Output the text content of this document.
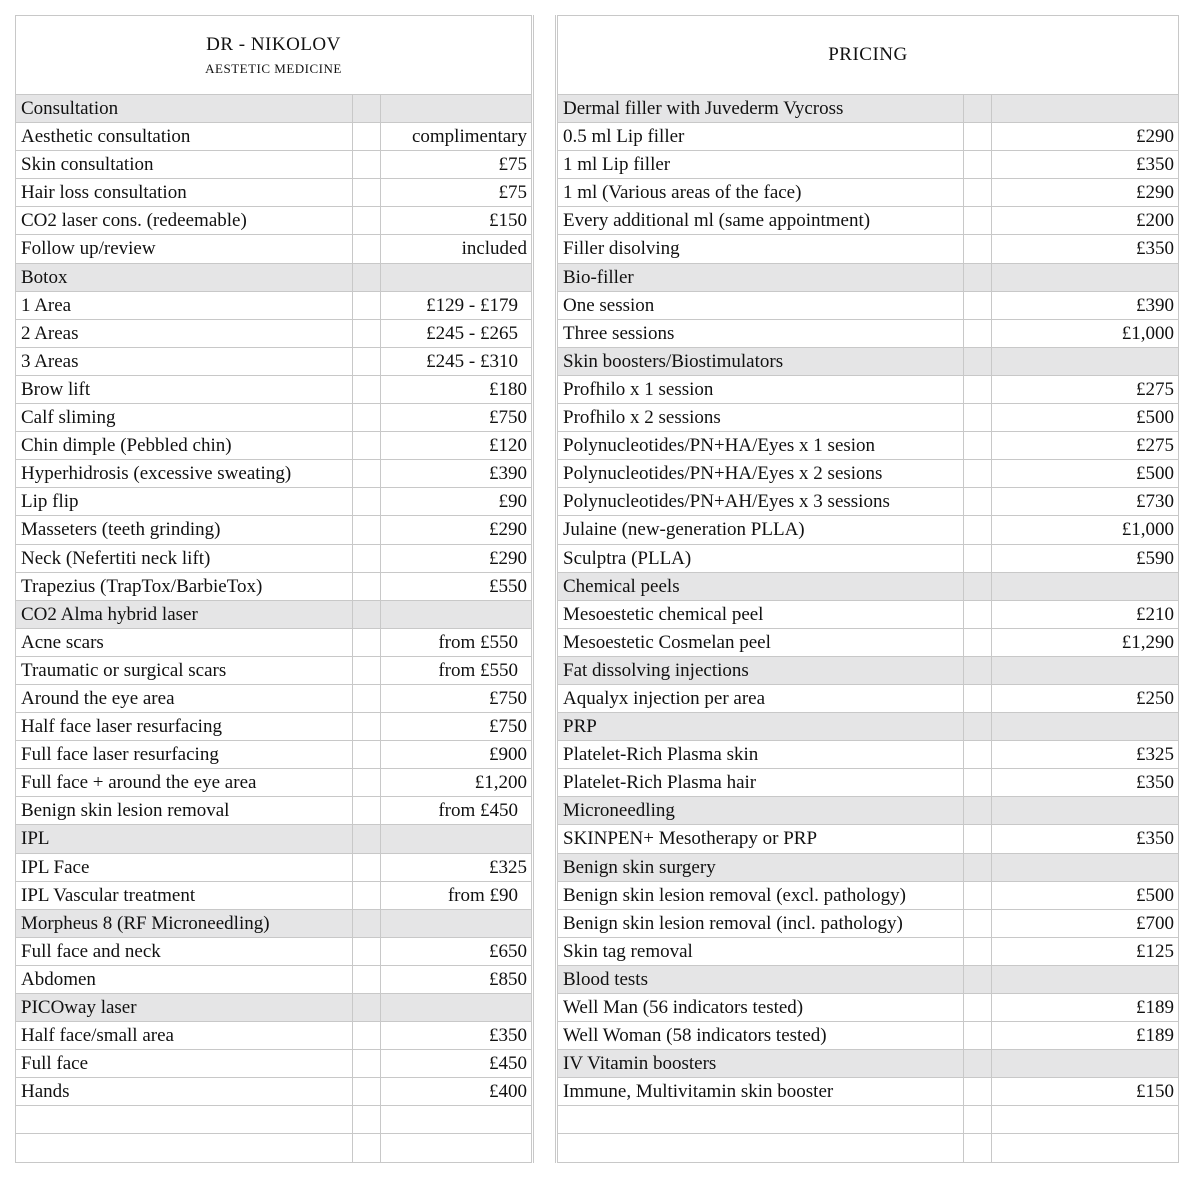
DR - NIKOLOV
AESTETIC MEDICINE
Consultation
Aesthetic consultation	complimentary
Skin consultation	£75
Hair loss consultation	£75
CO2 laser cons. (redeemable)	£150
Follow up/review	included
Botox
1 Area	£129 - £179
2 Areas	£245 - £265
3 Areas	£245 - £310
Brow lift	£180
Calf sliming	£750
Chin dimple (Pebbled chin)	£120
Hyperhidrosis (excessive sweating)	£390
Lip flip	£90
Masseters (teeth grinding)	£290
Neck (Nefertiti neck lift)	£290
Trapezius (TrapTox/BarbieTox)	£550
CO2 Alma hybrid laser
Acne scars	from £550
Traumatic or surgical scars	from £550
Around the eye area	£750
Half face laser resurfacing	£750
Full face laser resurfacing	£900
Full face + around the eye area	£1,200
Benign skin lesion removal	from £450
IPL
IPL Face	£325
IPL Vascular treatment	from £90
Morpheus 8 (RF Microneedling)
Full face and neck	£650
Abdomen	£850
PICOway laser
Half face/small area	£350
Full face	£450
Hands	£400
PRICING
Dermal filler with Juvederm Vycross
0.5 ml Lip filler	£290
1 ml Lip filler	£350
1 ml (Various areas of the face)	£290
Every additional ml (same appointment)	£200
Filler disolving	£350
Bio-filler
One session	£390
Three sessions	£1,000
Skin boosters/Biostimulators
Profhilo x 1 session	£275
Profhilo x 2 sessions	£500
Polynucleotides/PN+HA/Eyes x 1 sesion	£275
Polynucleotides/PN+HA/Eyes x 2 sesions	£500
Polynucleotides/PN+AH/Eyes x 3 sessions	£730
Julaine (new-generation PLLA)	£1,000
Sculptra (PLLA)	£590
Chemical peels
Mesoestetic chemical peel	£210
Mesoestetic Cosmelan peel	£1,290
Fat dissolving injections
Aqualyx injection per area	£250
PRP
Platelet-Rich Plasma skin	£325
Platelet-Rich Plasma hair	£350
Microneedling
SKINPEN+ Mesotherapy or PRP	£350
Benign skin surgery
Benign skin lesion removal (excl. pathology)	£500
Benign skin lesion removal (incl. pathology)	£700
Skin tag removal	£125
Blood tests
Well Man (56 indicators tested)	£189
Well Woman (58 indicators tested)	£189
IV Vitamin boosters
Immune, Multivitamin skin booster	£150
